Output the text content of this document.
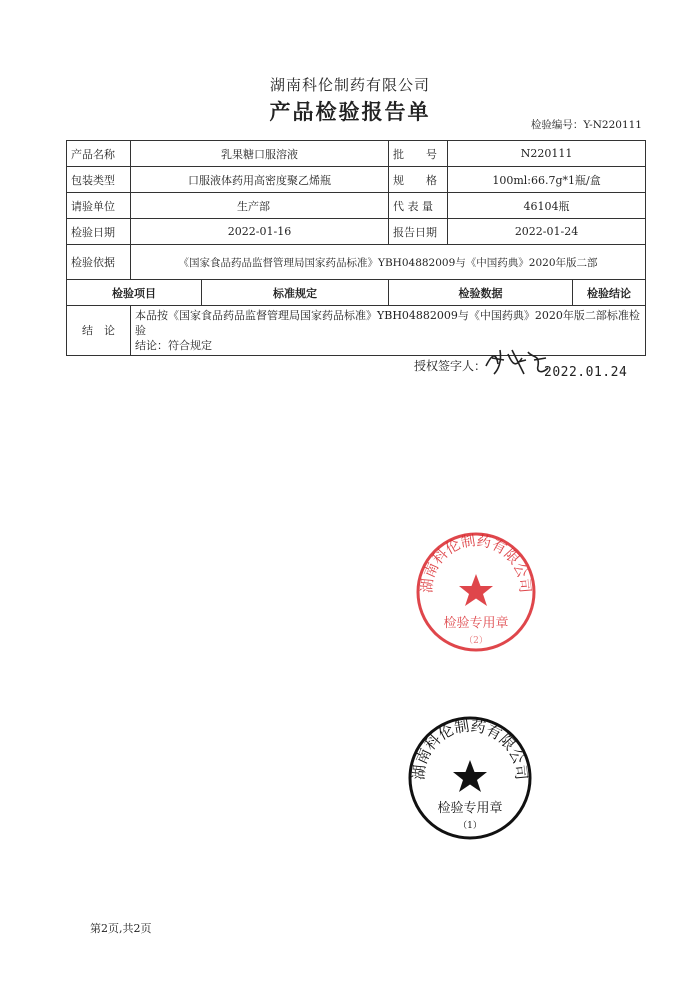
湖南科伦制药有限公司
产品检验报告单
检验编号：Y-N220111
产品名称	乳果糖口服溶液		批　　号	N220111	
包装类型	口服液体药用高密度聚乙烯瓶		规　　格	100ml:66.7g*1瓶/盒	
请验单位	生产部		代 表 量	46104瓶	
检验日期	2022-01-16		报告日期	2022-01-24	
检验依据	《国家食品药品监督管理局国家药品标准》YBH04882009与《中国药典》2020年版二部				
检验项目		标准规定	检验数据		检验结论
结　论	本品按《国家食品药品监督管理局国家药品标准》YBH04882009与《中国药典》2020年版二部标准检验
结论：符合规定				
授权签字人：	2022.01.24
湖南科伦制药有限公司
检验专用章
（2）
湖南科伦制药有限公司
检验专用章
（1）
第2页,共2页
